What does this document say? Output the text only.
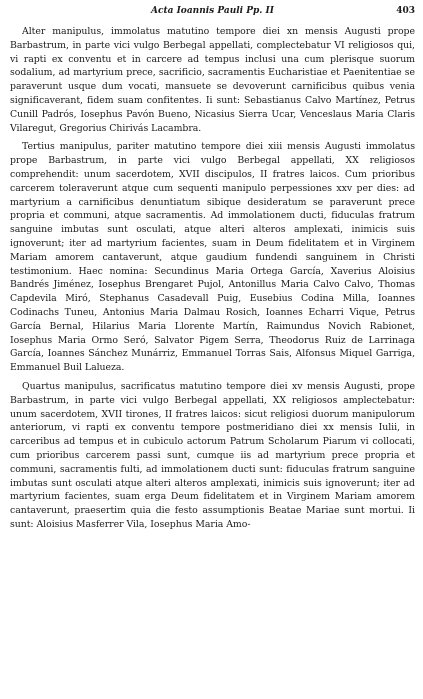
Acta Ioannis Pauli Pp. II	403

Alter manipulus, immolatus matutino tempore diei xn mensis Augusti prope Barbastrum, in parte vici vulgo Berbegal appellati, complectebatur VI religiosos qui, vi rapti ex conventu et in carcere ad tempus inclusi una cum plerisque suorum sodalium, ad martyrium prece, sacrificio, sacramentis Eucharistiae et Paenitentiae se paraverunt usque dum vocati, mansuete se devoverunt carnificibus quibus venia significaverant, fidem suam confitentes. Ii sunt: Sebastianus Calvo Martínez, Petrus Cunill Padrós, Iosephus Pavón Bueno, Nicasius Sierra Ucar, Venceslaus Maria Claris Vilaregut, Gregorius Chirivás Lacambra.

Tertius manipulus, pariter matutino tempore diei xiii mensis Augusti immolatus prope Barbastrum, in parte vici vulgo Berbegal appellati, XX religiosos comprehendit: unum sacerdotem, XVII discipulos, II fratres laicos. Cum prioribus carcerem toleraverunt atque cum sequenti manipulo perpessiones xxv per dies: ad martyrium a carnificibus denuntiatum sibique desideratum se paraverunt prece propria et communi, atque sacramentis. Ad immolationem ducti, fiduculas fratrum sanguine imbutas sunt osculati, atque alteri alteros amplexati, inimicis suis ignoverunt; iter ad martyrium facientes, suam in Deum fidelitatem et in Virginem Mariam amorem cantaverunt, atque gaudium fundendi sanguinem in Christi testimonium. Haec nomina: Secundinus Maria Ortega García, Xaverius Aloisius Bandrés Jiménez, Iosephus Brengaret Pujol, Antonillus Maria Calvo Calvo, Thomas Capdevila Miró, Stephanus Casadevall Puig, Eusebius Codina Milla, Ioannes Codinachs Tuneu, Antonius Maria Dalmau Rosich, Ioannes Echarri Vique, Petrus García Bernal, Hilarius Maria Llorente Martín, Raimundus Novich Rabionet, Iosephus Maria Ormo Seró, Salvator Pigem Serra, Theodorus Ruiz de Larrinaga García, Ioannes Sánchez Munárriz, Emmanuel Torras Sais, Alfonsus Miquel Garriga, Emmanuel Buil Lalueza.

Quartus manipulus, sacrificatus matutino tempore diei xv mensis Augusti, prope Barbastrum, in parte vici vulgo Berbegal appellati, XX religiosos amplectebatur: unum sacerdotem, XVII tirones, II fratres laicos: sicut religiosi duorum manipulorum anteriorum, vi rapti ex conventu tempore postmeridiano diei xx mensis Iulii, in carceribus ad tempus et in cubiculo actorum Patrum Scholarum Piarum vi collocati, cum prioribus carcerem passi sunt, cumque iis ad martyrium prece propria et communi, sacramentis fulti, ad immolationem ducti sunt: fiduculas fratrum sanguine imbutas sunt osculati atque alteri alteros amplexati, inimicis suis ignoverunt; iter ad martyrium facientes, suam erga Deum fidelitatem et in Virginem Mariam amorem cantaverunt, praesertim quia die festo assumptionis Beatae Mariae sunt mortui. Ii sunt: Aloisius Masferrer Vila, Iosephus Maria Amo-
